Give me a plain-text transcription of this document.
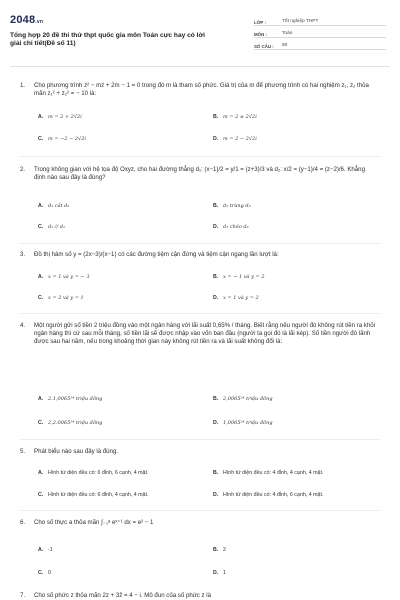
2048.vn
Tổng hợp 20 đề thi thử thpt quốc gia môn Toán cực hay có lời giải chi tiết(Đề số 11)
LỚP :	Tốt nghiệp THPT
MÔN :	Toán
SỐ CÂU :	50
1.	Cho phương trình z² − mz + 2m − 1 = 0 trong đó m là tham số phức. Giá trị của m để phương trình có hai nghiệm z₁, z₂ thỏa mãn z₁² + z₂² = − 10 là:
A. m = 2 + 2√2i	B. m = 2 ± 2√2i
C. m = −2 − 2√2i	D. m = 2 − 2√2i
2.	Trong không gian với hệ tọa độ Oxyz, cho hai đường thẳng d₁: (x−1)/2 = y/1 = (z+3)/3 và d₂: x/2 = (y−1)/4 = (z−2)/6. Khẳng định nào sau đây là đúng?
A. d₁ cắt d₂	B. d₁ trùng d₂
C. d₁ // d₂	D. d₁ chéo d₂
3.	Đồ thị hàm số y = (2x−3)/(x−1) có các đường tiệm cận đứng và tiệm cận ngang lần lượt là:
A. x = 1 và y = − 3	B. x = − 1 và y = 2
C. x = 2 và y = 1	D. x = 1 và y = 2
4.	Một người gửi số tiền 2 triệu đồng vào một ngân hàng với lãi suất 0,65% / tháng. Biết rằng nếu người đó không rút tiền ra khỏi ngân hàng thì cứ sau mỗi tháng, số tiền lãi sẽ được nhập vào vốn ban đầu (người ta gọi đó là lãi kép). Số tiền người đó lãnh được sau hai năm, nếu trong khoảng thời gian này không rút tiền ra và lãi suất không đổi là:
A. 2.1,0065²⁴ triệu đồng	B. 2,0065²⁴ triệu đồng
C. 2,2.0065²⁴ triệu đồng	D. 1,0065²⁴ triệu đồng
5.	Phát biểu nào sau đây là đúng.
A. Hình tứ diện đều có: 6 đỉnh, 6 cạnh, 4 mặt.	B. Hình tứ diện đều có: 4 đỉnh, 4 cạnh, 4 mặt.
C. Hình tứ diện đều có: 6 đỉnh, 4 cạnh, 4 mặt.	D. Hình tứ diện đều có: 4 đỉnh, 6 cạnh, 4 mặt.
6.	Cho số thực a thỏa mãn ∫₋₁ᵃ eˣ⁺¹ dx = e² − 1
A. -1	B. 2
C. 0	D. 1
7.	Cho số phức z thỏa mãn 2z + 3z̄ = 4 − i. Mô đun của số phức z là
